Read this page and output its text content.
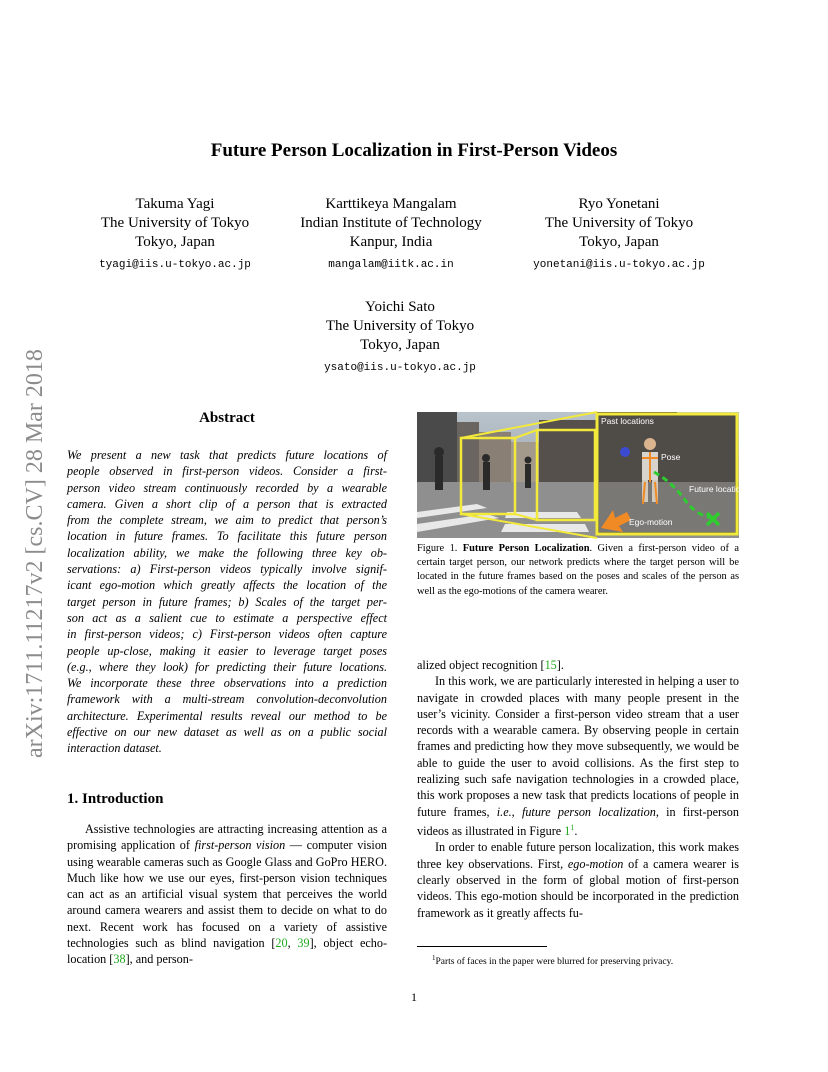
arXiv:1711.11217v2 [cs.CV] 28 Mar 2018
Future Person Localization in First-Person Videos
Takuma Yagi
The University of Tokyo
Tokyo, Japan
tyagi@iis.u-tokyo.ac.jp
Karttikeya Mangalam
Indian Institute of Technology
Kanpur, India
mangalam@iitk.ac.in
Ryo Yonetani
The University of Tokyo
Tokyo, Japan
yonetani@iis.u-tokyo.ac.jp
Yoichi Sato
The University of Tokyo
Tokyo, Japan
ysato@iis.u-tokyo.ac.jp
Abstract
We present a new task that predicts future locations of
people observed in first-person videos. Consider a first-
person video stream continuously recorded by a wearable
camera. Given a short clip of a person that is extracted
from the complete stream, we aim to predict that person’s
location in future frames. To facilitate this future person
localization ability, we make the following three key ob-
servations: a) First-person videos typically involve signif-
icant ego-motion which greatly affects the location of the
target person in future frames; b) Scales of the target per-
son act as a salient cue to estimate a perspective effect
in first-person videos; c) First-person videos often capture
people up-close, making it easier to leverage target poses
(e.g., where they look) for predicting their future locations.
We incorporate these three observations into a prediction
framework with a multi-stream convolution-deconvolution
architecture. Experimental results reveal our method to be
effective on our new dataset as well as on a public social
interaction dataset.
1. Introduction
Assistive technologies are attracting increasing attention as a promising application of first-person vision — computer vision using wearable cameras such as Google Glass and GoPro HERO. Much like how we use our eyes, first-person vision techniques can act as an artificial visual system that perceives the world around camera wearers and assist them to decide on what to do next. Recent work has focused on a variety of assistive technologies such as blind navigation [20, 39], object echo-location [38], and person-
Past locations
Pose
Future locations
Ego-motion
Figure 1. Future Person Localization. Given a first-person video of a certain target person, our network predicts where the target person will be located in the future frames based on the poses and scales of the person as well as the ego-motions of the camera wearer.
alized object recognition [15].
In this work, we are particularly interested in helping a user to navigate in crowded places with many people present in the user’s vicinity. Consider a first-person video stream that a user records with a wearable camera. By observing people in certain frames and predicting how they move subsequently, we would be able to guide the user to avoid collisions. As the first step to realizing such safe navigation technologies in a crowded place, this work proposes a new task that predicts locations of people in future frames, i.e., future person localization, in first-person videos as illustrated in Figure 1$^1$.
In order to enable future person localization, this work makes three key observations. First, ego-motion of a camera wearer is clearly observed in the form of global motion of first-person videos. This ego-motion should be incorporated in the prediction framework as it greatly affects fu-
$^1$Parts of faces in the paper were blurred for preserving privacy.
1
